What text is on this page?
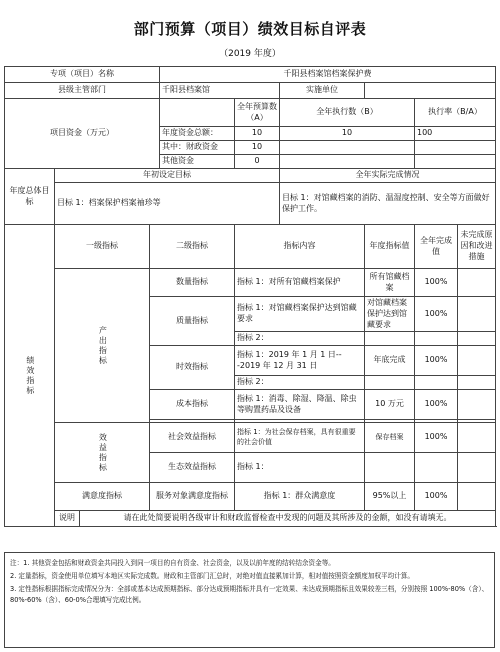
部门预算（项目）绩效目标自评表
（2019 年度）
专项（项目）名称				千阳县档案馆档案保护费					
县级主管部门				千阳县档案馆		实施单位			
项目资金（万元）					全年预算数（A）	全年执行数（B）		执行率（B/A）	
				年度资金总额：	10	10		100	
				其中：财政资金	10				
				其他资金	0				
年度总体目标	年初设定目标					全年实际完成情况			
	目标 1：档案保护档案袖珍等					目标 1：对馆藏档案的消防、温湿度控制、安全等方面做好保护工作。			
绩效指标	一级指标		二级指标		指标内容		年度指标值	全年完成值	未完成原因和改进措施
	产出指标		数量指标		指标 1：对所有馆藏档案保护		所有馆藏档案	100%	
			质量指标		指标 1：对馆藏档案保护达到馆藏要求		对馆藏档案保护达到馆藏要求	100%	
					指标 2：				
			时效指标		指标 1：2019 年 1 月 1 日---2019 年 12 月 31 日		年底完成	100%	
					指标 2：				
			成本指标		指标 1：消毒、除湿、降温、除虫等购置药品及设备		10 万元	100%	

	效益指标		社会效益指标		指标 1：为社会保存档案，具有很重要的社会价值		保存档案	100%	
			生态效益指标		指标 1：				
	满意度指标		服务对象满意度指标		指标 1：群众满意度		95%以上	100%	
	说明	请在此处简要说明各级审计和财政监督检查中发现的问题及其所涉及的金额，如没有请填无。							

注：1. 其他资金包括和财政资金共同投入到同一项目的自有资金、社会资金，以及以前年度的结转结余资金等。

2. 定量指标，资金使用单位填写本地区实际完成数。财政和主管部门汇总时，对绝对值直接累加计算，相对值按照资金额度加权平均计算。

3. 定性指标根据指标完成情况分为：全部或基本达成预期指标、部分达成预期指标并具有一定效果、未达成预期指标且效果较差三档，分别按照 100%-80%（含）、80%-60%（含）、60-0%合理填写完成比例。
